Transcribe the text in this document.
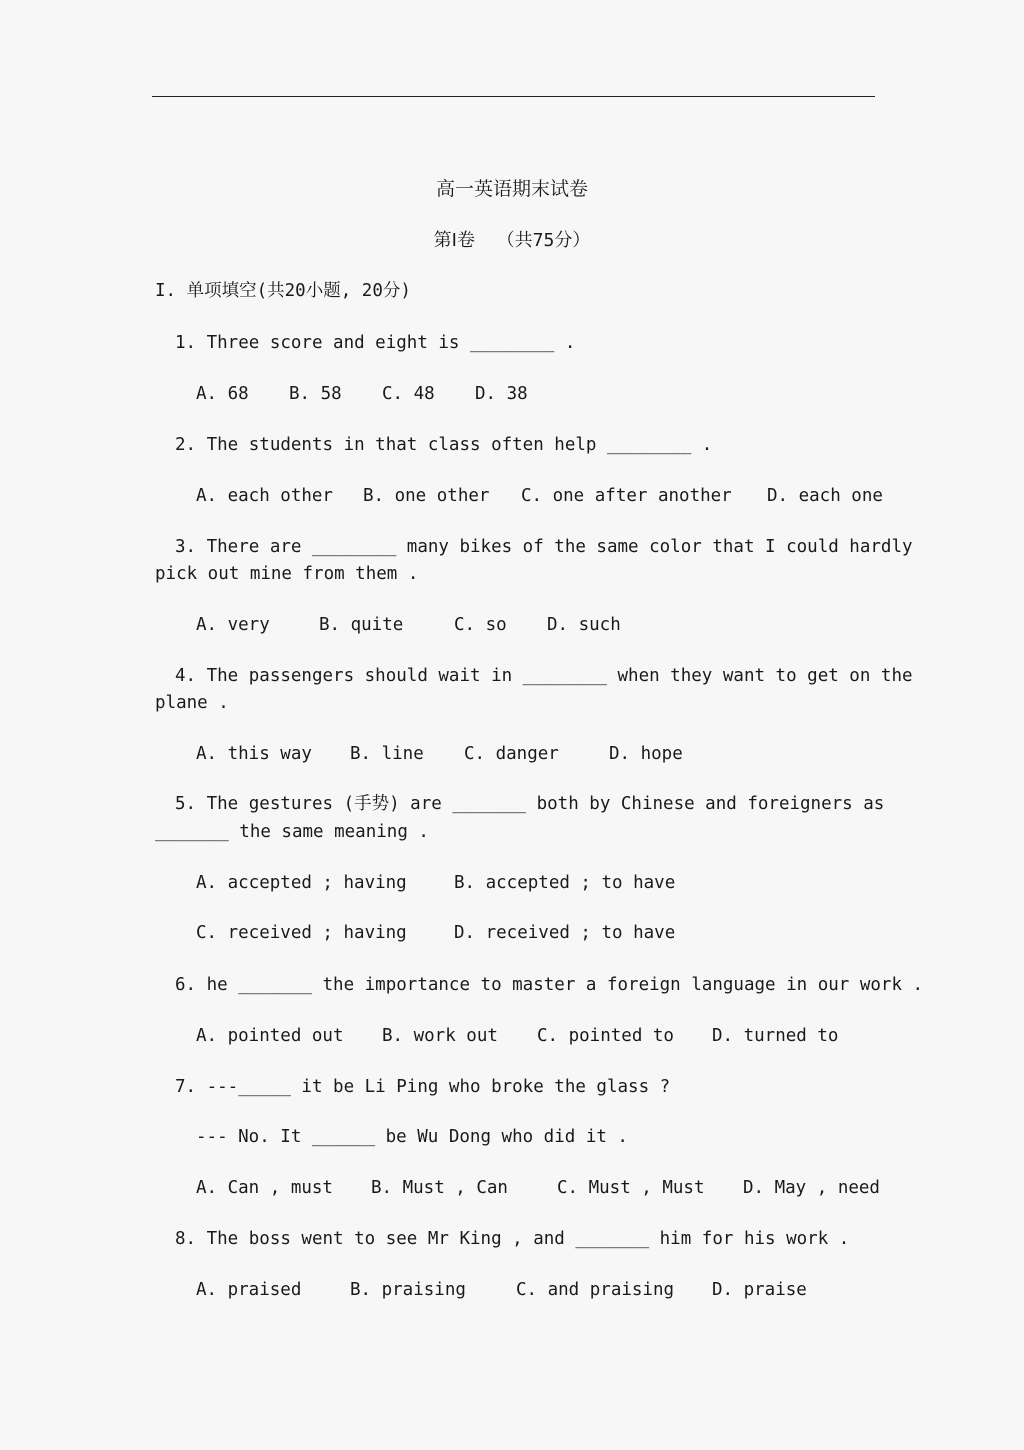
高一英语期末试卷
第Ⅰ卷  （共75分）
I. 单项填空(共20小题, 20分)
1. Three score and eight is ________ .
A. 68 B. 58 C. 48 D. 38
2. The students in that class often help ________ .
A. each other B. one other C. one after another D. each one
3. There are ________ many bikes of the same color that I could hardly
pick out mine from them .
A. very	B. quite	C. so D. such
4. The passengers should wait in ________ when they want to get on the
plane .
A. this way B. line C. danger	D. hope
5. The gestures (手势) are _______ both by Chinese and foreigners as
_______ the same meaning .
A. accepted ; having	B. accepted ; to have
C. received ; having	D. received ; to have
6. he _______ the importance to master a foreign language in our work .
A. pointed out B. work out C. pointed to D. turned to
7. ---_____ it be Li Ping who broke the glass ?
--- No. It ______ be Wu Dong who did it .
A. Can , must B. Must , Can	C. Must , Must D. May , need
8. The boss went to see Mr King , and _______ him for his work .
A. praised	B. praising	C. and praising D. praise
